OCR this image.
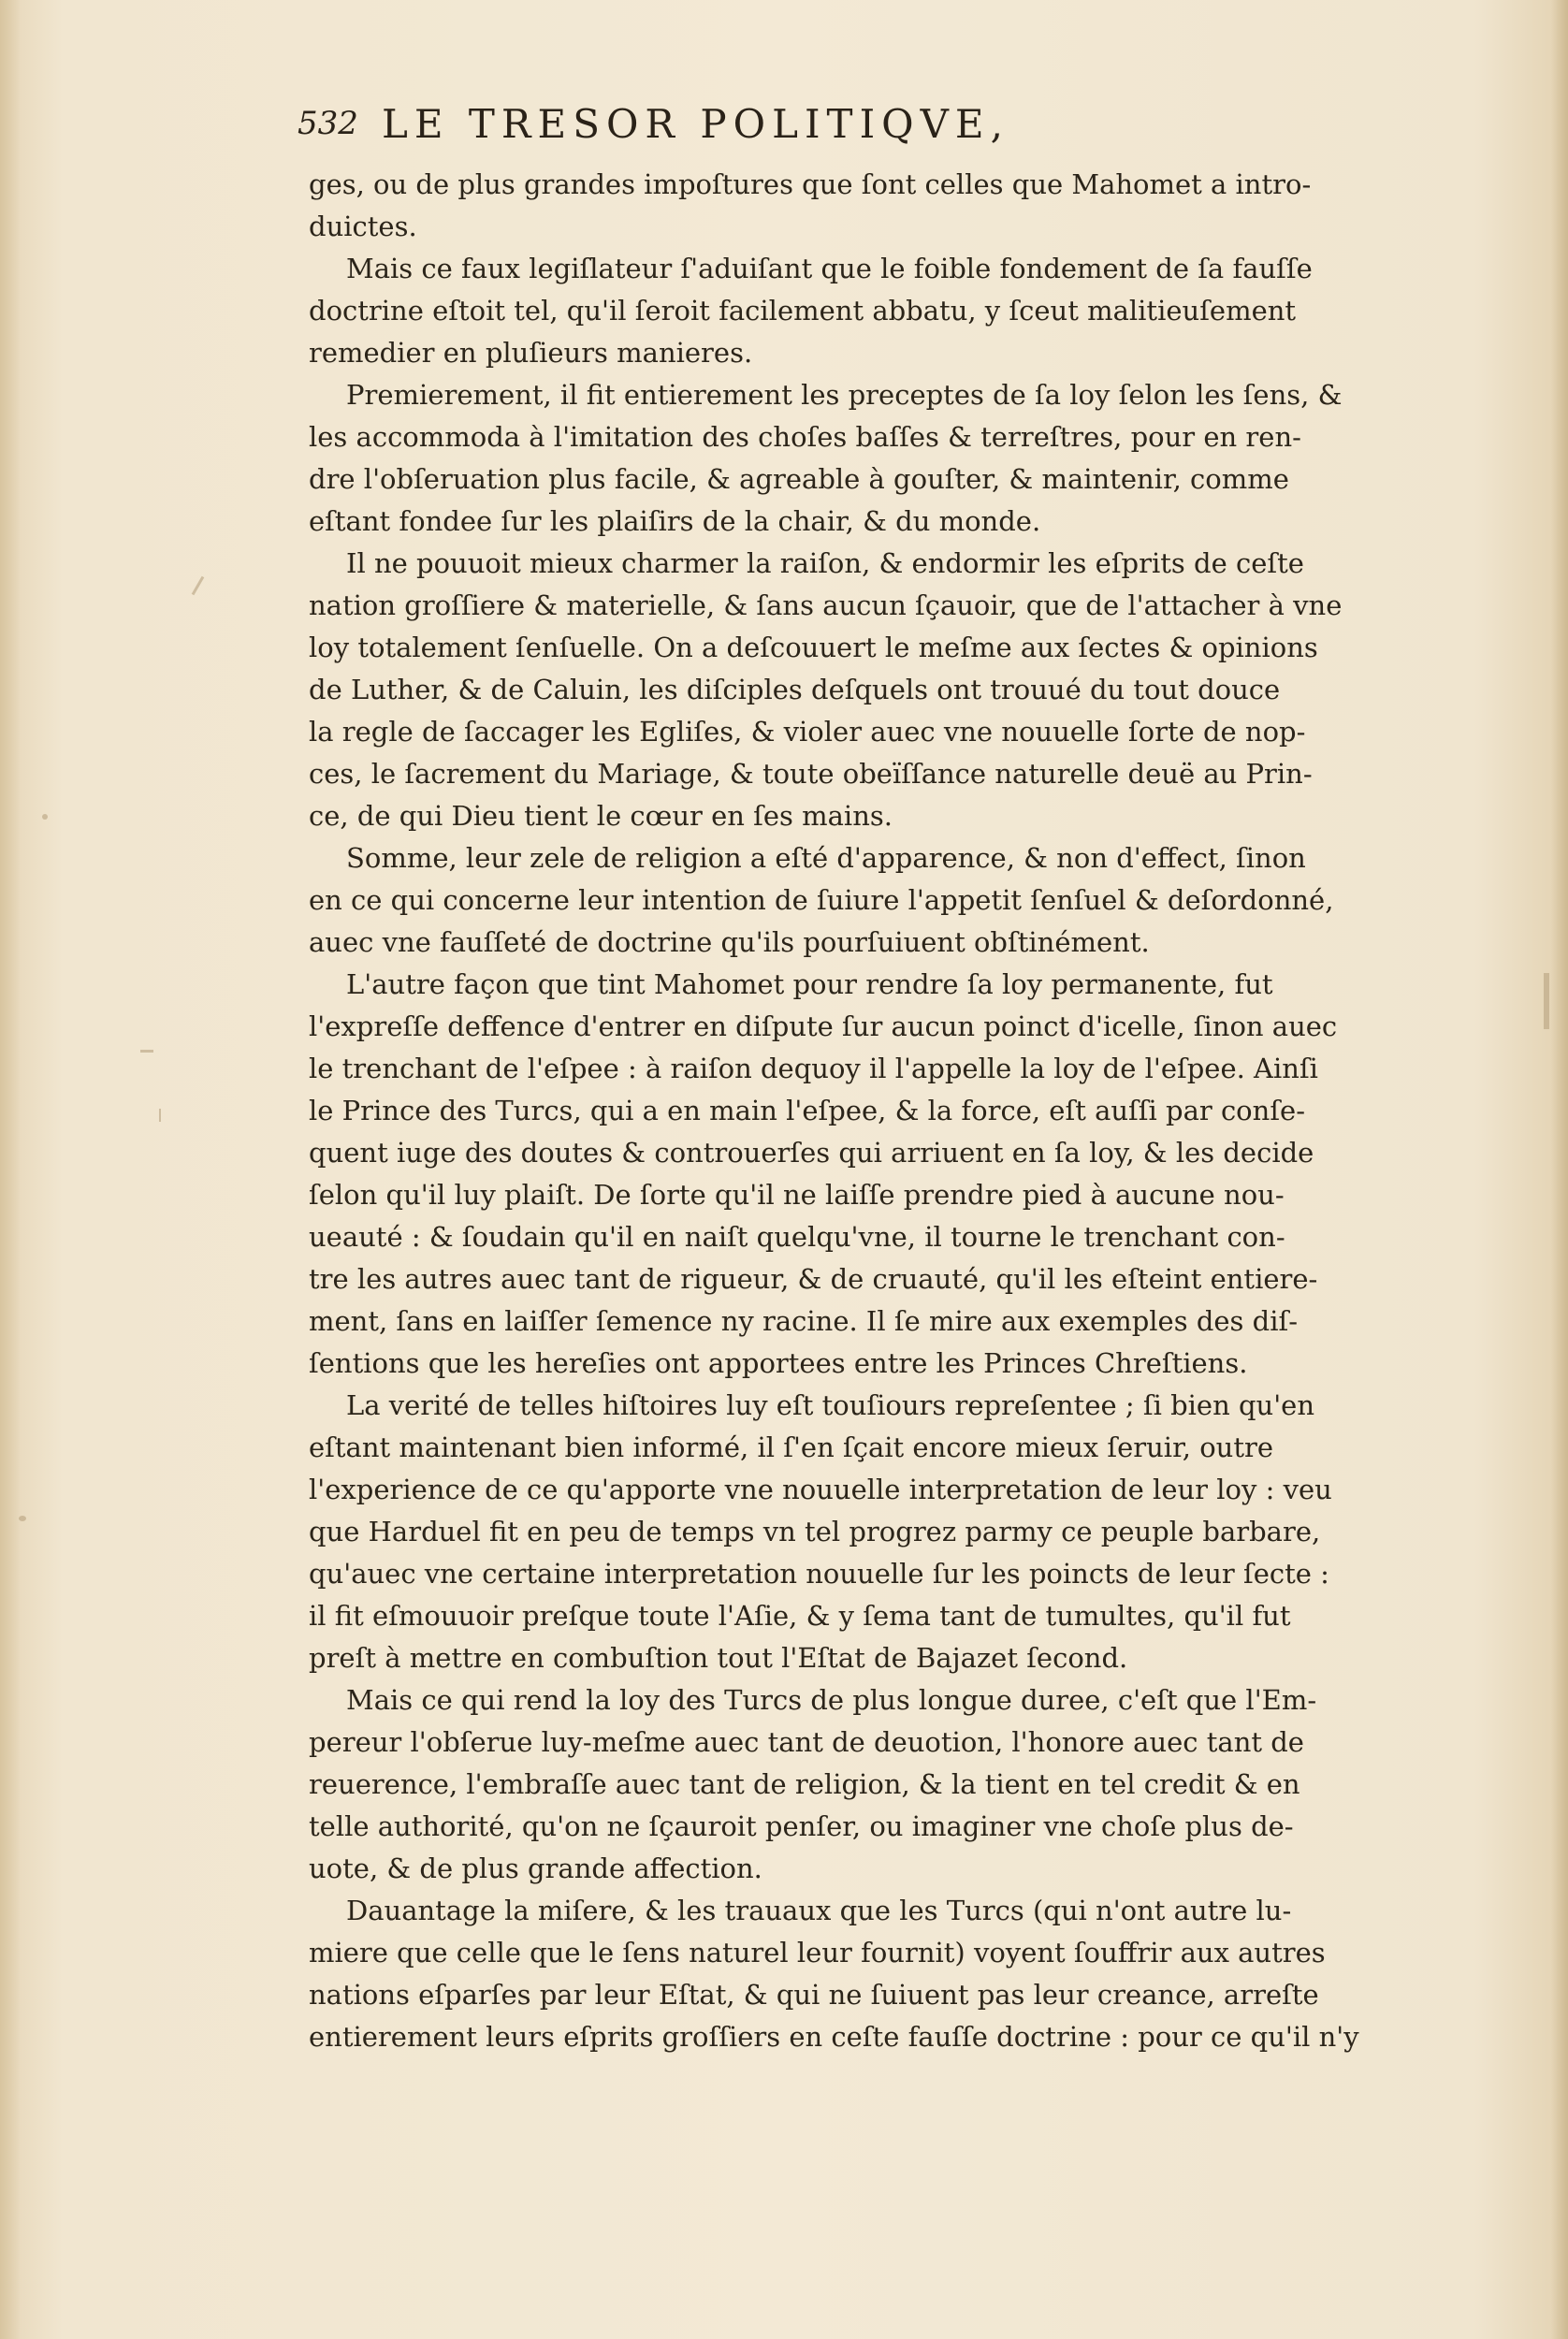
532 LE TRESOR POLITIQVE,
ges, ou de plus grandes impoſtures que ſont celles que Mahomet a intro-
duictes.
Mais ce faux legiſlateur ſ'aduiſant que le foible fondement de ſa fauſſe
doctrine eſtoit tel, qu'il ſeroit facilement abbatu, y ſceut malitieuſement
remedier en pluſieurs manieres.
Premierement, il fit entierement les preceptes de ſa loy ſelon les ſens, &
les accommoda à l'imitation des choſes baſſes & terreſtres, pour en ren-
dre l'obſeruation plus facile, & agreable à gouſter, & maintenir, comme
eſtant fondee ſur les plaiſirs de la chair, & du monde.
Il ne pouuoit mieux charmer la raiſon, & endormir les eſprits de ceſte
nation groſſiere & materielle, & ſans aucun ſçauoir, que de l'attacher à vne
loy totalement ſenſuelle. On a deſcouuert le meſme aux ſectes & opinions
de Luther, & de Caluin, les diſciples deſquels ont trouué du tout douce
la regle de ſaccager les Egliſes, & violer auec vne nouuelle ſorte de nop-
ces, le ſacrement du Mariage, & toute obeïſſance naturelle deuë au Prin-
ce, de qui Dieu tient le cœur en ſes mains.
Somme, leur zele de religion a eſté d'apparence, & non d'effect, ſinon
en ce qui concerne leur intention de ſuiure l'appetit ſenſuel & deſordonné,
auec vne fauſſeté de doctrine qu'ils pourſuiuent obſtinément.
L'autre façon que tint Mahomet pour rendre ſa loy permanente, fut
l'expreſſe deffence d'entrer en diſpute ſur aucun poinct d'icelle, ſinon auec
le trenchant de l'eſpee : à raiſon dequoy il l'appelle la loy de l'eſpee. Ainſi
le Prince des Turcs, qui a en main l'eſpee, & la force, eſt auſſi par conſe-
quent iuge des doutes & controuerſes qui arriuent en ſa loy, & les decide
ſelon qu'il luy plaiſt. De ſorte qu'il ne laiſſe prendre pied à aucune nou-
ueauté : & ſoudain qu'il en naiſt quelqu'vne, il tourne le trenchant con-
tre les autres auec tant de rigueur, & de cruauté, qu'il les eſteint entiere-
ment, ſans en laiſſer ſemence ny racine. Il ſe mire aux exemples des diſ-
ſentions que les hereſies ont apportees entre les Princes Chreſtiens.
La verité de telles hiſtoires luy eſt touſiours repreſentee ; ſi bien qu'en
eſtant maintenant bien informé, il ſ'en ſçait encore mieux ſeruir, outre
l'experience de ce qu'apporte vne nouuelle interpretation de leur loy : veu
que Harduel fit en peu de temps vn tel progrez parmy ce peuple barbare,
qu'auec vne certaine interpretation nouuelle ſur les poincts de leur ſecte :
il fit eſmouuoir preſque toute l'Aſie, & y ſema tant de tumultes, qu'il fut
preſt à mettre en combuſtion tout l'Eſtat de Bajazet ſecond.
Mais ce qui rend la loy des Turcs de plus longue duree, c'eſt que l'Em-
pereur l'obſerue luy-meſme auec tant de deuotion, l'honore auec tant de
reuerence, l'embraſſe auec tant de religion, & la tient en tel credit & en
telle authorité, qu'on ne ſçauroit penſer, ou imaginer vne choſe plus de-
uote, & de plus grande affection.
Dauantage la miſere, & les trauaux que les Turcs (qui n'ont autre lu-
miere que celle que le ſens naturel leur fournit) voyent ſouffrir aux autres
nations eſparſes par leur Eſtat, & qui ne ſuiuent pas leur creance, arreſte
entierement leurs eſprits groſſiers en ceſte fauſſe doctrine : pour ce qu'il n'y
